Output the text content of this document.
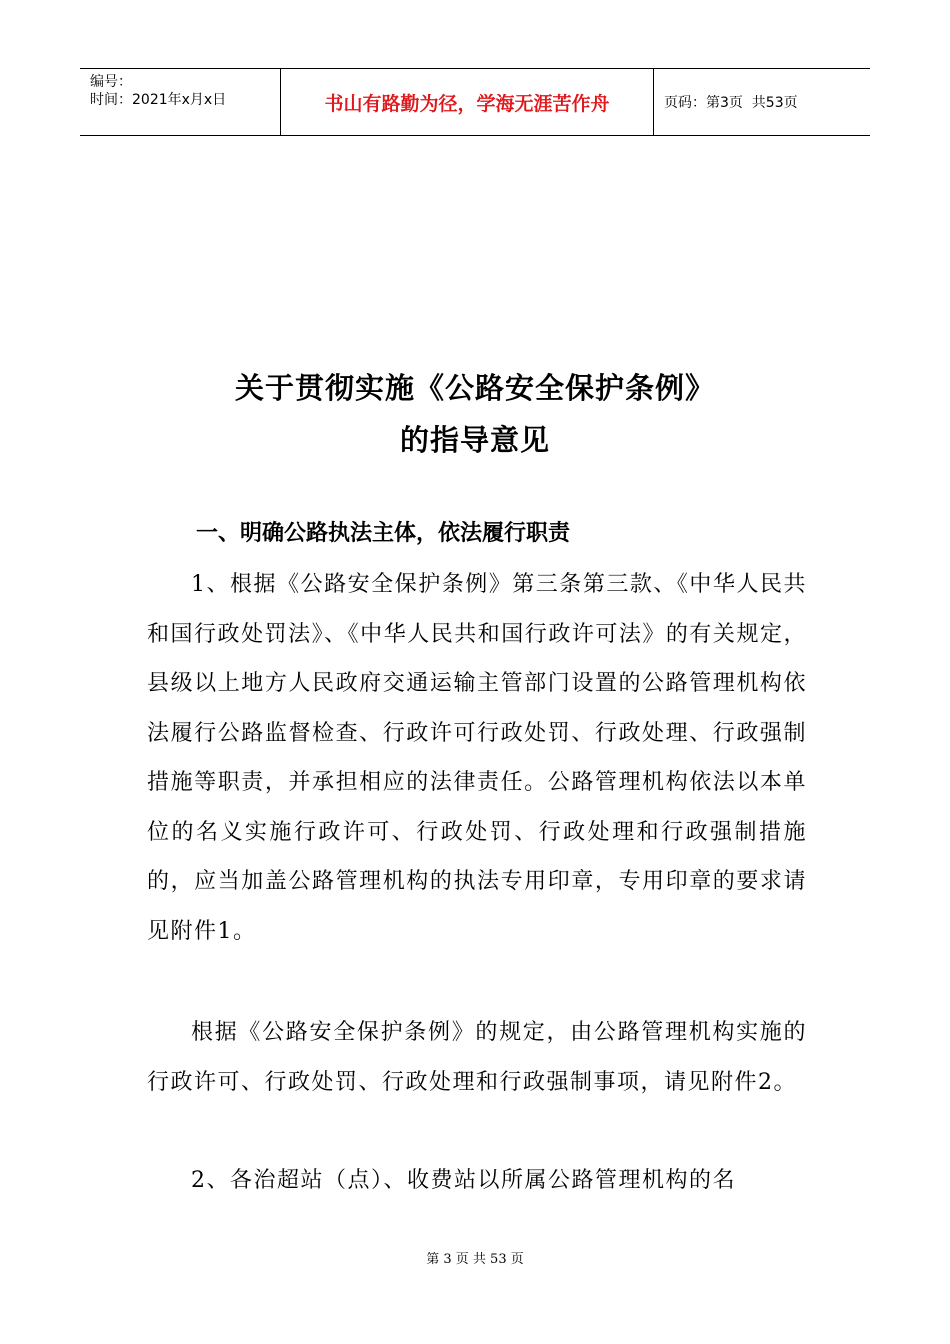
编号：
时间：2021年x月x日	书山有路勤为径，学海无涯苦作舟	页码：第3页  共53页
关于贯彻实施《公路安全保护条例》
的指导意见
一、明确公路执法主体，依法履行职责

1、根据《公路安全保护条例》第三条第三款、《中华人民共和国行政处罚法》、《中华人民共和国行政许可法》的有关规定，县级以上地方人民政府交通运输主管部门设置的公路管理机构依法履行公路监督检查、行政许可行政处罚、行政处理、行政强制措施等职责，并承担相应的法律责任。公路管理机构依法以本单位的名义实施行政许可、行政处罚、行政处理和行政强制措施的，应当加盖公路管理机构的执法专用印章，专用印章的要求请见附件1。

根据《公路安全保护条例》的规定，由公路管理机构实施的行政许可、行政处罚、行政处理和行政强制事项，请见附件2。

2、各治超站（点）、收费站以所属公路管理机构的名

第 3 页 共 53 页
